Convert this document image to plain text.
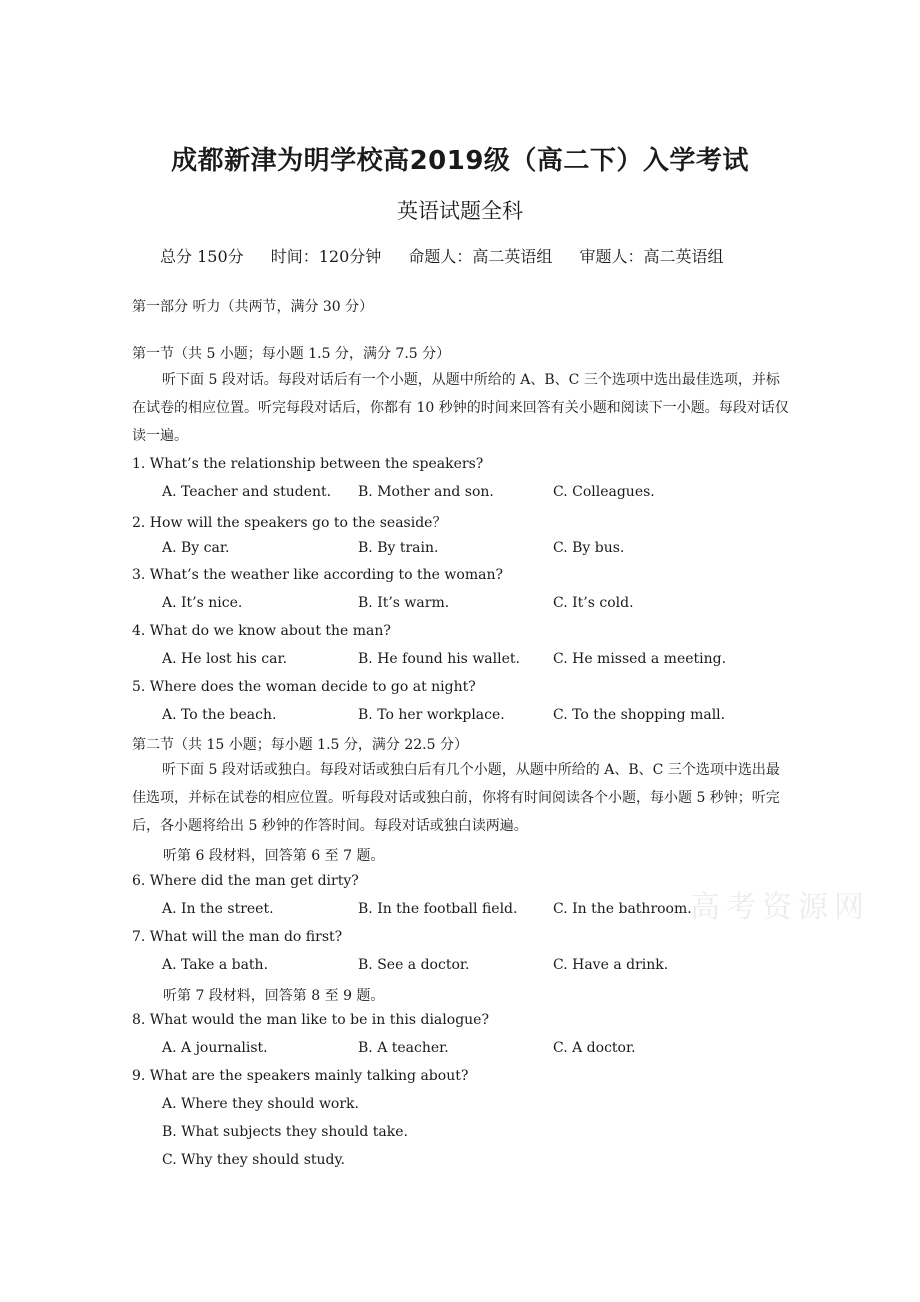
成都新津为明学校高2019级（高二下）入学考试
英语试题全科
总分 150分 时间：120分钟 命题人：高二英语组 审题人：高二英语组
第一部分 听力（共两节，满分 30 分）
第一节（共 5 小题；每小题 1.5 分，满分 7.5 分）
听下面 5 段对话。每段对话后有一个小题，从题中所给的 A、B、C 三个选项中选出最佳选项，并标在试卷的相应位置。听完每段对话后，你都有 10 秒钟的时间来回答有关小题和阅读下一小题。每段对话仅读一遍。
1. What’s the relationship between the speakers?
A. Teacher and student. B. Mother and son.	C. Colleagues.
2. How will the speakers go to the seaside？
A. By car.	B. By train.	C. By bus.
3. What’s the weather like according to the woman?
A. It’s nice.	B. It’s warm.	C. It’s cold.
4. What do we know about the man?
A. He lost his car.	B. He found his wallet. C. He missed a meeting.
5. Where does the woman decide to go at night?
A. To the beach.	B. To her workplace.	C. To the shopping mall.
第二节（共 15 小题；每小题 1.5 分，满分 22.5 分）
听下面 5 段对话或独白。每段对话或独白后有几个小题，从题中所给的 A、B、C 三个选项中选出最佳选项，并标在试卷的相应位置。听每段对话或独白前，你将有时间阅读各个小题，每小题 5 秒钟；听完后，各小题将给出 5 秒钟的作答时间。每段对话或独白读两遍。
听第 6 段材料，回答第 6 至 7 题。
6. Where did the man get dirty?
A. In the street.	B. In the football field.	C. In the bathroom.
7. What will the man do first?
A. Take a bath.	B. See a doctor.	C. Have a drink.
听第 7 段材料，回答第 8 至 9 题。
8. What would the man like to be in this dialogue?
A. A journalist.	B. A teacher.	C. A doctor.
9. What are the speakers mainly talking about?
A. Where they should work.
B. What subjects they should take.
C. Why they should study.
高考资源网
